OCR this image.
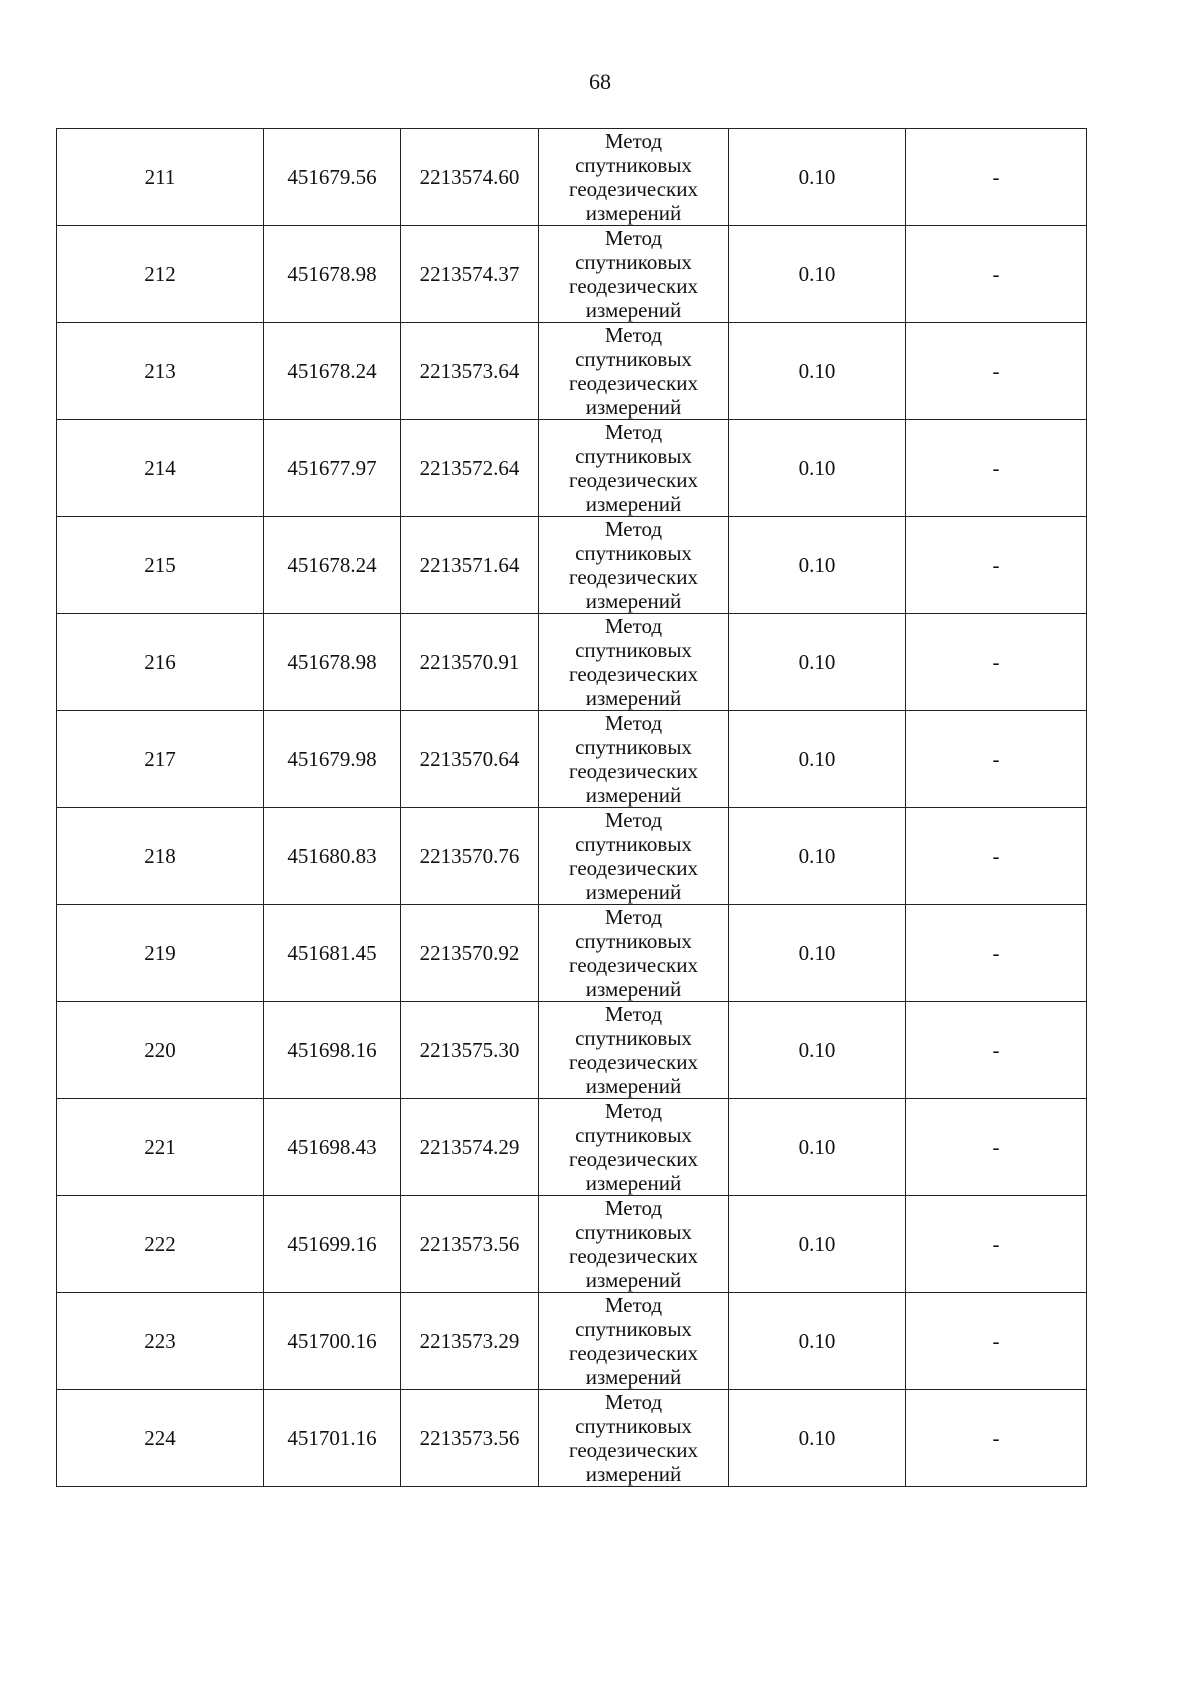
68
211	451679.56	2213574.60	Метод
спутниковых
геодезических
измерений	0.10	-
212	451678.98	2213574.37	Метод
спутниковых
геодезических
измерений	0.10	-
213	451678.24	2213573.64	Метод
спутниковых
геодезических
измерений	0.10	-
214	451677.97	2213572.64	Метод
спутниковых
геодезических
измерений	0.10	-
215	451678.24	2213571.64	Метод
спутниковых
геодезических
измерений	0.10	-
216	451678.98	2213570.91	Метод
спутниковых
геодезических
измерений	0.10	-
217	451679.98	2213570.64	Метод
спутниковых
геодезических
измерений	0.10	-
218	451680.83	2213570.76	Метод
спутниковых
геодезических
измерений	0.10	-
219	451681.45	2213570.92	Метод
спутниковых
геодезических
измерений	0.10	-
220	451698.16	2213575.30	Метод
спутниковых
геодезических
измерений	0.10	-
221	451698.43	2213574.29	Метод
спутниковых
геодезических
измерений	0.10	-
222	451699.16	2213573.56	Метод
спутниковых
геодезических
измерений	0.10	-
223	451700.16	2213573.29	Метод
спутниковых
геодезических
измерений	0.10	-
224	451701.16	2213573.56	Метод
спутниковых
геодезических
измерений	0.10	-
